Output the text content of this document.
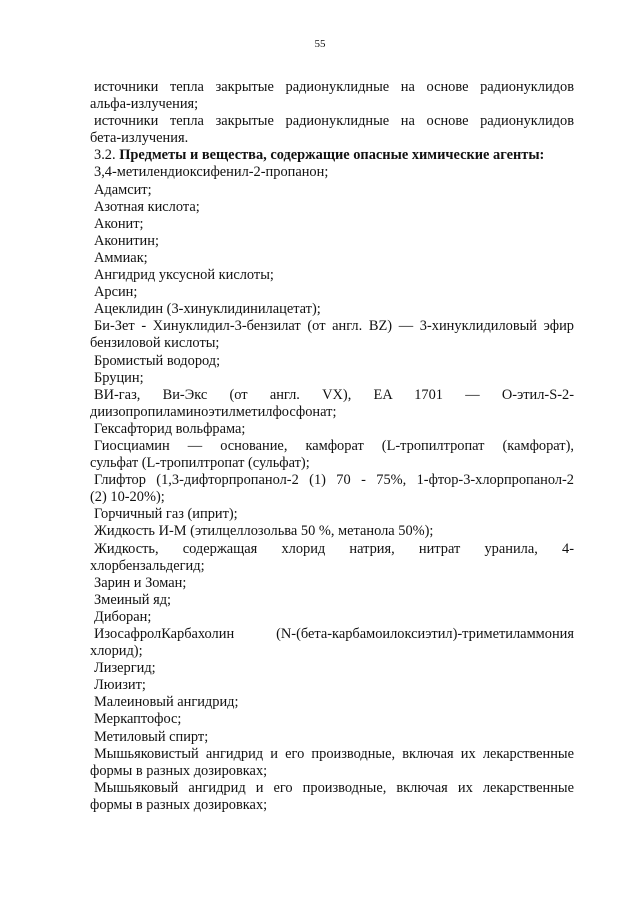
55
источники тепла закрытые радионуклидные на основе радионуклидов
альфа-излучения;
источники тепла закрытые радионуклидные на основе радионуклидов
бета-излучения.
3.2. Предметы и вещества, содержащие опасные химические агенты:
3,4-метилендиоксифенил-2-пропанон;
Адамсит;
Азотная кислота;
Аконит;
Аконитин;
Аммиак;
Ангидрид уксусной кислоты;
Арсин;
Ацеклидин (3-хинуклидинилацетат);
Би-Зет - Хинуклидил-3-бензилат (от англ. BZ) — 3-хинуклидиловый эфир
бензиловой кислоты;
Бромистый водород;
Бруцин;
ВИ-газ,   Ви-Экс   (от   англ.   VX),   EA   1701   —   О-этил-S-2-
диизопропиламиноэтилметилфосфонат;
Гексафторид вольфрама;
Гиосциамин — основание, камфорат (L-тропилтропат (камфорат),
сульфат (L-тропилтропат (сульфат);
Глифтор (1,3-дифторпропанол-2 (1) 70 - 75%, 1-фтор-3-хлорпропанол-2
(2) 10-20%);
Горчичный газ (иприт);
Жидкость И-М (этилцеллозольва 50 %, метанола 50%);
Жидкость, содержащая хлорид натрия, нитрат уранила, 4-
хлорбензальдегид;
Зарин и Зоман;
Змеиный яд;
Диборан;
ИзосафролКарбахолин    (N-(бета-карбамоилоксиэтил)-триметиламмония
хлорид);
Лизергид;
Люизит;
Малеиновый ангидрид;
Меркаптофос;
Метиловый спирт;
Мышьяковистый ангидрид и его производные, включая их лекарственные
формы в разных дозировках;
Мышьяковый ангидрид и его производные, включая их лекарственные
формы в разных дозировках;
